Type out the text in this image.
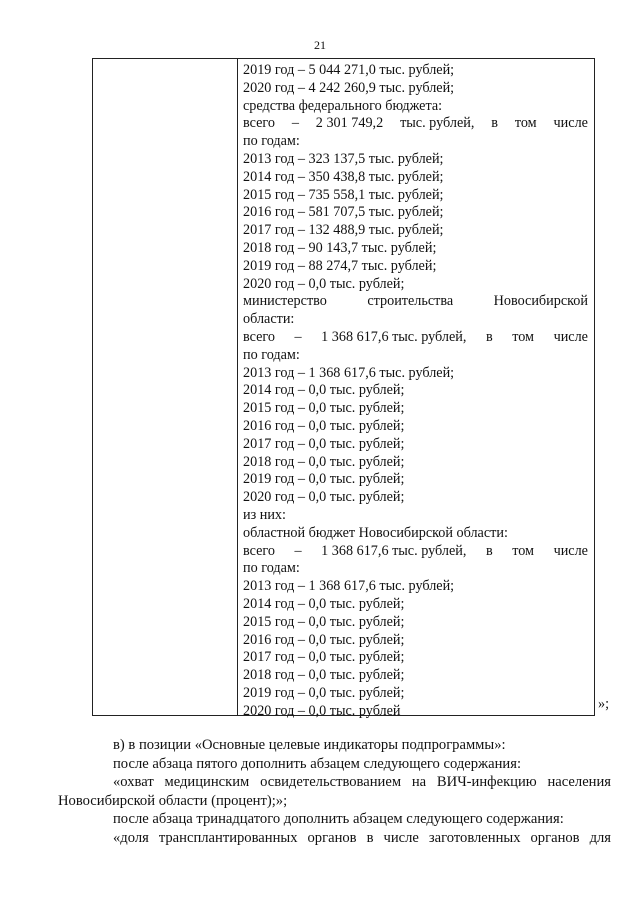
21
2019 год – 5 044 271,0 тыс. рублей;
2020 год – 4 242 260,9 тыс. рублей;
средства федерального бюджета:
всего – 2 301 749,2 тыс. рублей, в том числе
по годам:
2013 год – 323 137,5 тыс. рублей;
2014 год – 350 438,8 тыс. рублей;
2015 год – 735 558,1 тыс. рублей;
2016 год – 581 707,5 тыс. рублей;
2017 год – 132 488,9 тыс. рублей;
2018 год – 90 143,7 тыс. рублей;
2019 год – 88 274,7 тыс. рублей;
2020 год – 0,0 тыс. рублей;
министерство	строительства	Новосибирской
области:
всего – 1 368 617,6 тыс. рублей, в том числе
по годам:
2013 год – 1 368 617,6 тыс. рублей;
2014 год – 0,0 тыс. рублей;
2015 год – 0,0 тыс. рублей;
2016 год – 0,0 тыс. рублей;
2017 год – 0,0 тыс. рублей;
2018 год – 0,0 тыс. рублей;
2019 год – 0,0 тыс. рублей;
2020 год – 0,0 тыс. рублей;
из них:
областной бюджет Новосибирской области:
всего – 1 368 617,6 тыс. рублей, в том числе
по годам:
2013 год – 1 368 617,6 тыс. рублей;
2014 год – 0,0 тыс. рублей;
2015 год – 0,0 тыс. рублей;
2016 год – 0,0 тыс. рублей;
2017 год – 0,0 тыс. рублей;
2018 год – 0,0 тыс. рублей;
2019 год – 0,0 тыс. рублей;
2020 год – 0,0 тыс. рублей	»;
в) в позиции «Основные целевые индикаторы подпрограммы»:
после абзаца пятого дополнить абзацем следующего содержания:
«охват медицинским освидетельствованием на ВИЧ-инфекцию населения Новосибирской области (процент);»;
после абзаца тринадцатого дополнить абзацем следующего содержания:
«доля трансплантированных органов в числе заготовленных органов для
